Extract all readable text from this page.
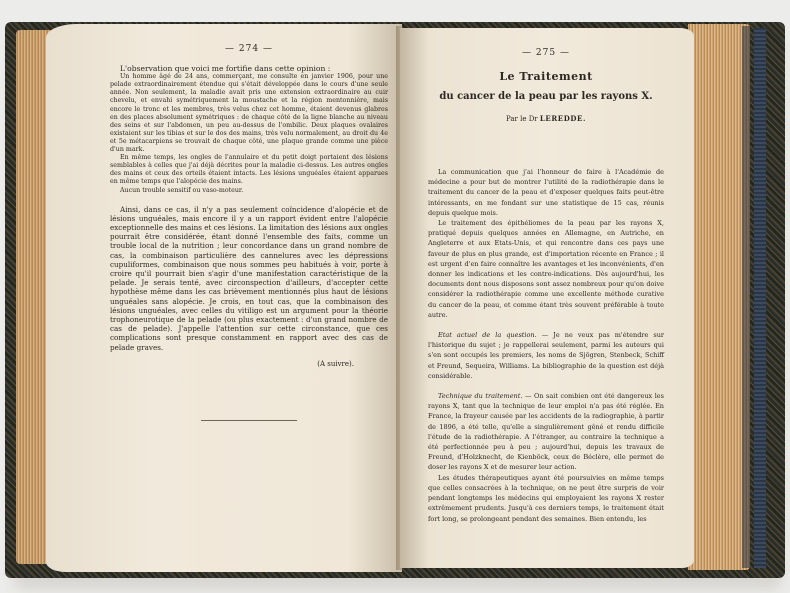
— 274 —

L'observation que voici me fortifie dans cette opinion :

Un homme âgé de 24 ans, commerçant, me consulte en janvier 1906, pour une pelade extraordinairement étendue qui s'était développée dans le cours d'une seule année. Non seulement, la maladie avait pris une extension extraordinaire au cuir chevelu, et envahi symétriquement la moustache et la région mentonnière, mais encore le tronc et les membres, très velus chez cet homme, étaient devenus glabres en des places absolument symétriques : de chaque côté de la ligne blanche au niveau des seins et sur l'abdomen, un peu au-dessus de l'ombilic. Deux plaques ovalaires existaient sur les tibias et sur le dos des mains, très velu normalement, au droit du 4e et 5e métacarpiens se trouvait de chaque côté, une plaque grande comme une pièce d'un mark.

En même temps, les ongles de l'annulaire et du petit doigt portaient des lésions semblables à celles que j'ai déjà décrites pour la maladie ci-dessus. Les autres ongles des mains et ceux des orteils étaient intacts. Les lésions unguéales étaient apparues en même temps que l'alopécie des mains.

Aucun trouble sensitif ou vaso-moteur.

Ainsi, dans ce cas, il n'y a pas seulement coïncidence d'alopécie et de lésions unguéales, mais encore il y a un rapport évident entre l'alopécie exceptionnelle des mains et ces lésions. La limitation des lésions aux ongles pourrait être considérée, étant donné l'ensemble des faits, comme un trouble local de la nutrition ; leur concordance dans un grand nombre de cas, la combinaison particulière des cannelures avec les dépressions cupuliformes, combinaison que nous sommes peu habitués à voir, porte à croire qu'il pourrait bien s'agir d'une manifestation caractéristique de la pelade. Je serais tenté, avec circonspection d'ailleurs, d'accepter cette hypothèse même dans les cas brièvement mentionnés plus haut de lésions unguéales sans alopécie. Je crois, en tout cas, que la combinaison des lésions unguéales, avec celles du vitiligo est un argument pour la théorie trophoneurotique de la pelade (ou plus exactement : d'un grand nombre de cas de pelade). J'appelle l'attention sur cette circonstance, que ces complications sont presque constamment en rapport avec des cas de pelade graves.

(A suivre).
— 275 —
Le Traitement
du cancer de la peau par les rayons X.
Par le Dr LEREDDE.

La communication que j'ai l'honneur de faire à l'Académie de médecine a pour but de montrer l'utilité de la radiothérapie dans le traitement du cancer de la peau et d'exposer quelques faits peut-être intéressants, en me fondant sur une statistique de 15 cas, réunis depuis quelque mois.

Le traitement des épithéliomes de la peau par les rayons X, pratiqué depuis quelques années en Allemagne, en Autriche, en Angleterre et aux Etats-Unis, et qui rencontre dans ces pays une faveur de plus en plus grande, est d'importation récente en France ; il est urgent d'en faire connaître les avantages et les inconvénients, d'en donner les indications et les contre-indications. Dès aujourd'hui, les documents dont nous disposons sont assez nombreux pour qu'on doive considérer la radiothérapie comme une excellente méthode curative du cancer de la peau, et comme étant très souvent préférable à toute autre.

Etat actuel de la question. — Je ne veux pas m'étendre sur l'historique du sujet ; je rappellerai seulement, parmi les auteurs qui s'en sont occupés les premiers, les noms de Sjögren, Stenbeck, Schiff et Freund, Sequeira, Williams. La bibliographie de la question est déjà considérable.

Technique du traitement. — On sait combien ont été dangereux les rayons X, tant que la technique de leur emploi n'a pas été réglée. En France, la frayeur causée par les accidents de la radiographie, à partir de 1896, a été telle, qu'elle a singulièrement gêné et rendu difficile l'étude de la radiothérapie. A l'étranger, au contraire la technique a été perfectionnée peu à peu ; aujourd'hui, depuis les travaux de Freund, d'Holzknecht, de Kienböck, ceux de Béclère, elle permet de doser les rayons X et de mesurer leur action.

Les études thérapeutiques ayant été poursuivies en même temps que celles consacrées à la technique, on ne peut être surpris de voir pendant longtemps les médecins qui employaient les rayons X rester extrêmement prudents. Jusqu'à ces derniers temps, le traitement était fort long, se prolongeant pendant des semaines. Bien entendu, les
